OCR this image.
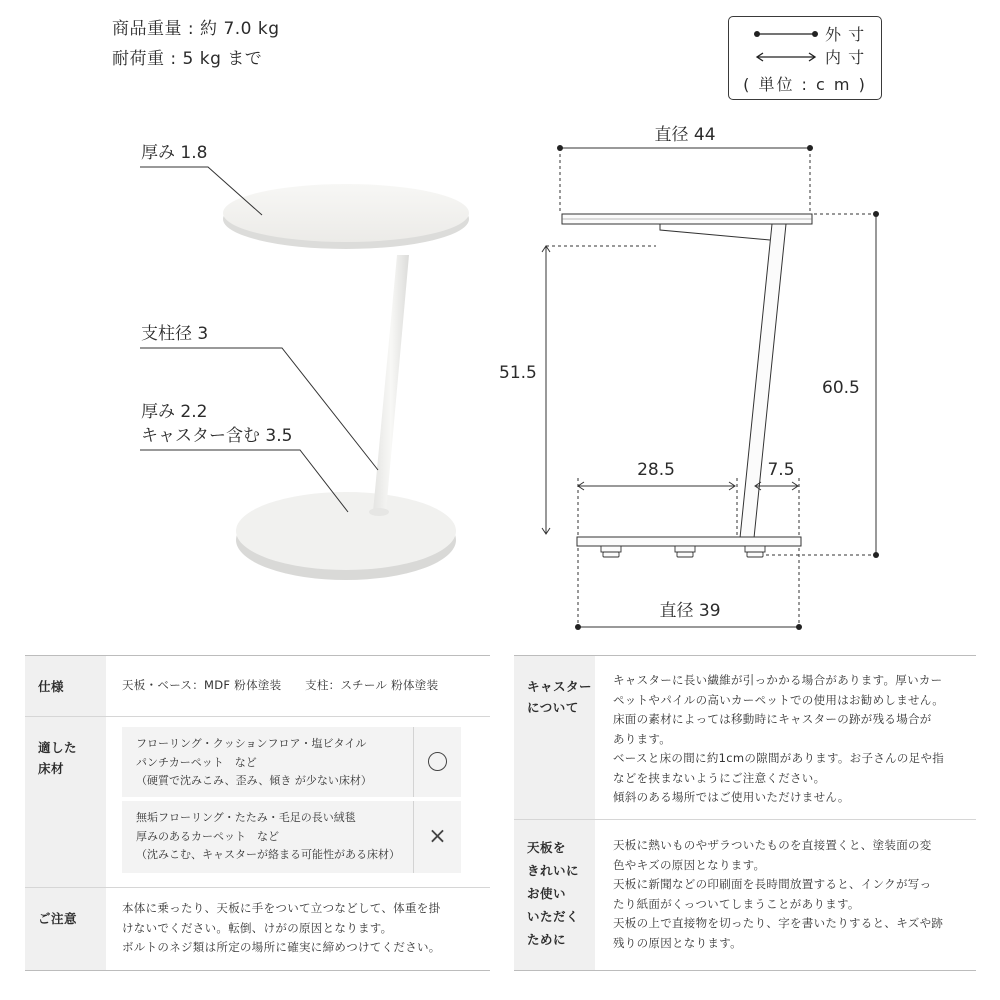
商品重量 : 約 7.0 kg
耐荷重 : 5 kg まで
外 寸
内 寸
( 単位 : c m )
厚み 1.8
支柱径 3
厚み 2.2
キャスター含む 3.5
直径 44
51.5
60.5
28.5	7.5
直径 39
仕様	天板・ベース：MDF 粉体塗装　　支柱：スチール 粉体塗装
適した
床材
フローリング・クッションフロア・塩ビタイル
パンチカーペット　など
（硬質で沈みこみ、歪み、傾き が少ない床材）
無垢フローリング・たたみ・毛足の長い絨毯
厚みのあるカーペット　など
（沈みこむ、キャスターが絡まる可能性がある床材）
×
ご注意
本体に乗ったり、天板に手をついて立つなどして、体重を掛
けないでください。転倒、けがの原因となります。
ボルトのネジ類は所定の場所に確実に締めつけてください。
キャスター
について
キャスターに長い繊維が引っかかる場合があります。厚いカー
ペットやパイルの高いカーペットでの使用はお勧めしません。
床面の素材によっては移動時にキャスターの跡が残る場合が
あります。
ベースと床の間に約1cmの隙間があります。お子さんの足や指
などを挟まないようにご注意ください。
傾斜のある場所ではご使用いただけません。
天板を
きれいに
お使い
いただく
ために
天板に熱いものやザラついたものを直接置くと、塗装面の変
色やキズの原因となります。
天板に新聞などの印刷面を長時間放置すると、インクが写っ
たり紙面がくっついてしまうことがあります。
天板の上で直接物を切ったり、字を書いたりすると、キズや跡
残りの原因となります。
